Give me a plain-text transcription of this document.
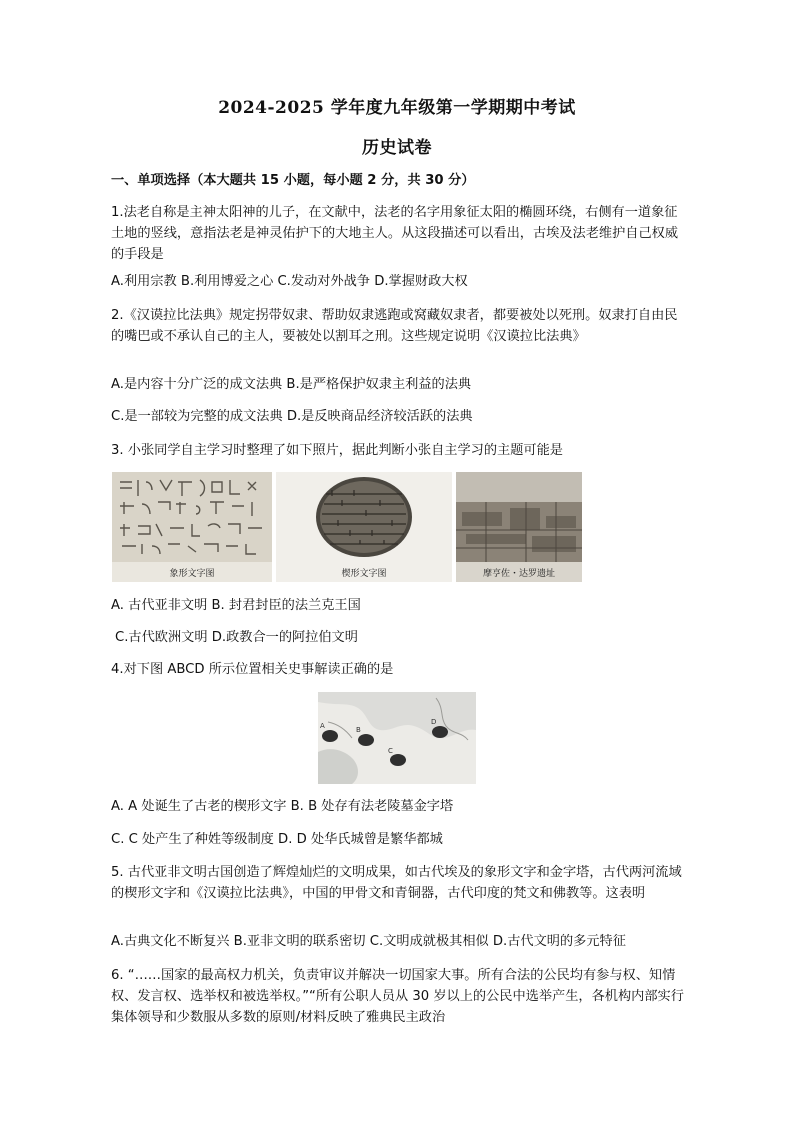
2024-2025 学年度九年级第一学期期中考试
历史试卷

一、单项选择（本大题共 15 小题，每小题 2 分，共 30 分）

1.法老自称是主神太阳神的儿子，在文献中，法老的名字用象征太阳的椭圆环绕，右侧有一道象征土地的竖线，意指法老是神灵佑护下的大地主人。从这段描述可以看出，古埃及法老维护自己权威的手段是

A.利用宗教 B.利用博爱之心 C.发动对外战争 D.掌握财政大权

2.《汉谟拉比法典》规定拐带奴隶、帮助奴隶逃跑或窝藏奴隶者，都要被处以死刑。奴隶打自由民的嘴巴或不承认自己的主人，要被处以割耳之刑。这些规定说明《汉谟拉比法典》

A.是内容十分广泛的成文法典 B.是严格保护奴隶主利益的法典

C.是一部较为完整的成文法典 D.是反映商品经济较活跃的法典

3. 小张同学自主学习时整理了如下照片，据此判断小张自主学习的主题可能是

象形文字图	楔形文字图	摩亨佐・达罗遗址

A. 古代亚非文明 B. 封君封臣的法兰克王国

C.古代欧洲文明 D.政教合一的阿拉伯文明

4.对下图 ABCD 所示位置相关史事解读正确的是

A	B
C
D

A. A 处诞生了古老的楔形文字 B. B 处存有法老陵墓金字塔

C. C 处产生了种姓等级制度 D. D 处华氏城曾是繁华都城

5. 古代亚非文明古国创造了辉煌灿烂的文明成果，如古代埃及的象形文字和金字塔，古代两河流域的楔形文字和《汉谟拉比法典》，中国的甲骨文和青铜器，古代印度的梵文和佛教等。这表明

A.古典文化不断复兴 B.亚非文明的联系密切 C.文明成就极其相似 D.古代文明的多元特征

6. “……国家的最高权力机关，负责审议并解决一切国家大事。所有合法的公民均有参与权、知情权、发言权、选举权和被选举权。”“所有公职人员从 30 岁以上的公民中选举产生，各机构内部实行集体领导和少数服从多数的原则/材料反映了雅典民主政治
